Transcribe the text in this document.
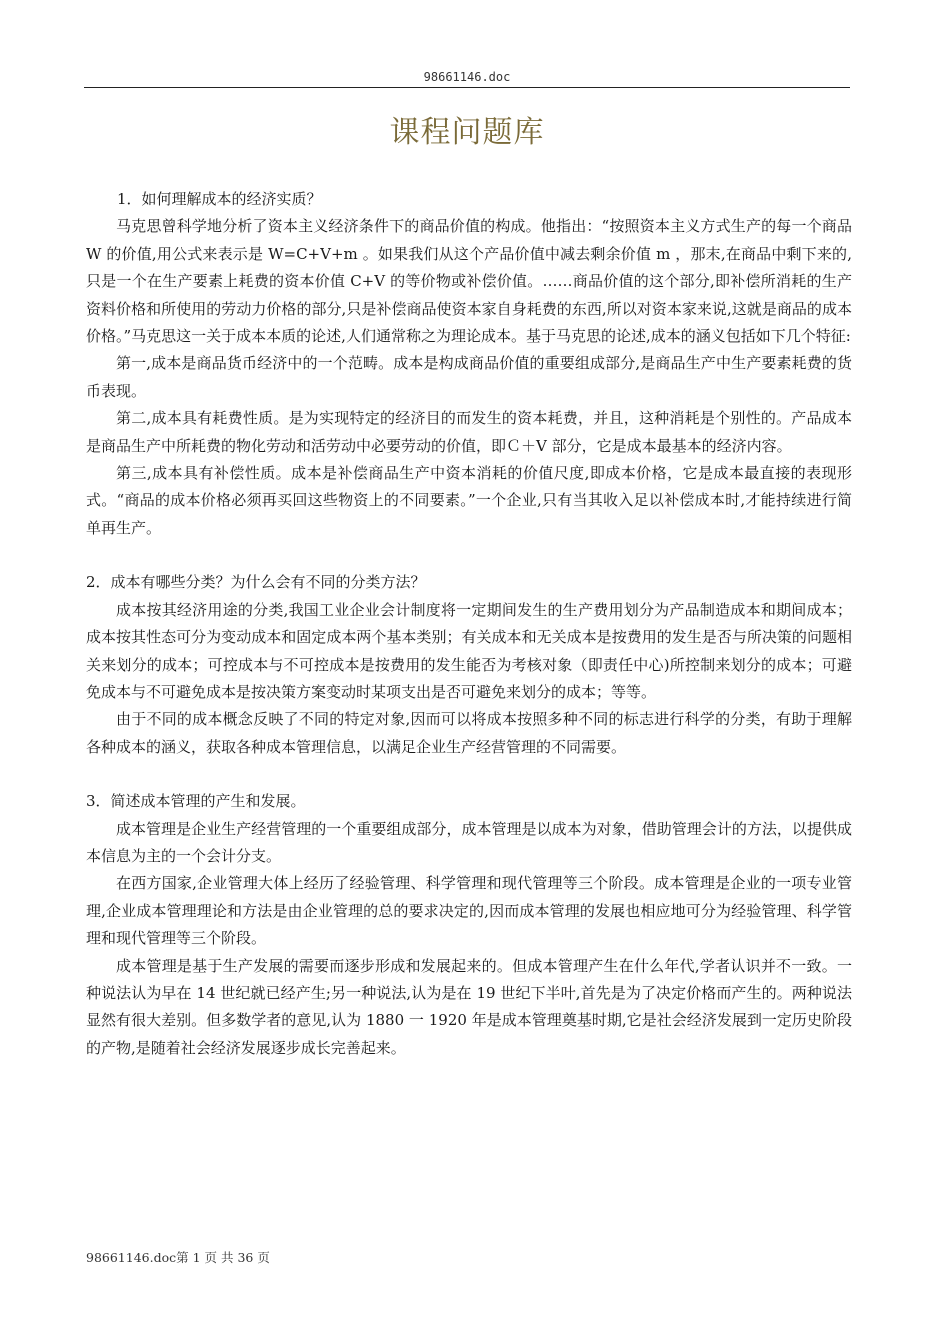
98661146.doc
课程问题库

1．如何理解成本的经济实质？

马克思曾科学地分析了资本主义经济条件下的商品价值的构成。他指出：“按照资本主义方式生产的每一个商品 W 的价值,用公式来表示是 W=C+V+m 。如果我们从这个产品价值中减去剩余价值 m ，那末,在商品中剩下来的,只是一个在生产要素上耗费的资本价值 C+V 的等价物或补偿价值。……商品价值的这个部分,即补偿所消耗的生产资料价格和所使用的劳动力价格的部分,只是补偿商品使资本家自身耗费的东西,所以对资本家来说,这就是商品的成本价格。”马克思这一关于成本本质的论述,人们通常称之为理论成本。基于马克思的论述,成本的涵义包括如下几个特征:

第一,成本是商品货币经济中的一个范畴。成本是构成商品价值的重要组成部分,是商品生产中生产要素耗费的货币表现。

第二,成本具有耗费性质。是为实现特定的经济目的而发生的资本耗费，并且，这种消耗是个别性的。产品成本是商品生产中所耗费的物化劳动和活劳动中必要劳动的价值，即Ｃ＋V 部分，它是成本最基本的经济内容。

第三,成本具有补偿性质。成本是补偿商品生产中资本消耗的价值尺度,即成本价格，它是成本最直接的表现形式。“商品的成本价格必须再买回这些物资上的不同要素。”一个企业,只有当其收入足以补偿成本时,才能持续进行简单再生产。

2．成本有哪些分类？为什么会有不同的分类方法？

成本按其经济用途的分类,我国工业企业会计制度将一定期间发生的生产费用划分为产品制造成本和期间成本；成本按其性态可分为变动成本和固定成本两个基本类别；有关成本和无关成本是按费用的发生是否与所决策的问题相关来划分的成本；可控成本与不可控成本是按费用的发生能否为考核对象（即责任中心)所控制来划分的成本；可避免成本与不可避免成本是按决策方案变动时某项支出是否可避免来划分的成本；等等。

由于不同的成本概念反映了不同的特定对象,因而可以将成本按照多种不同的标志进行科学的分类，有助于理解各种成本的涵义，获取各种成本管理信息，以满足企业生产经营管理的不同需要。

3．简述成本管理的产生和发展。

成本管理是企业生产经营管理的一个重要组成部分，成本管理是以成本为对象，借助管理会计的方法，以提供成本信息为主的一个会计分支。

在西方国家,企业管理大体上经历了经验管理、科学管理和现代管理等三个阶段。成本管理是企业的一项专业管理,企业成本管理理论和方法是由企业管理的总的要求决定的,因而成本管理的发展也相应地可分为经验管理、科学管理和现代管理等三个阶段。

成本管理是基于生产发展的需要而逐步形成和发展起来的。但成本管理产生在什么年代,学者认识并不一致。一种说法认为早在 14 世纪就已经产生;另一种说法,认为是在 19 世纪下半叶,首先是为了决定价格而产生的。两种说法显然有很大差别。但多数学者的意见,认为 1880 一 1920 年是成本管理奠基时期,它是社会经济发展到一定历史阶段的产物,是随着社会经济发展逐步成长完善起来。

98661146.doc第 1 页 共 36 页
